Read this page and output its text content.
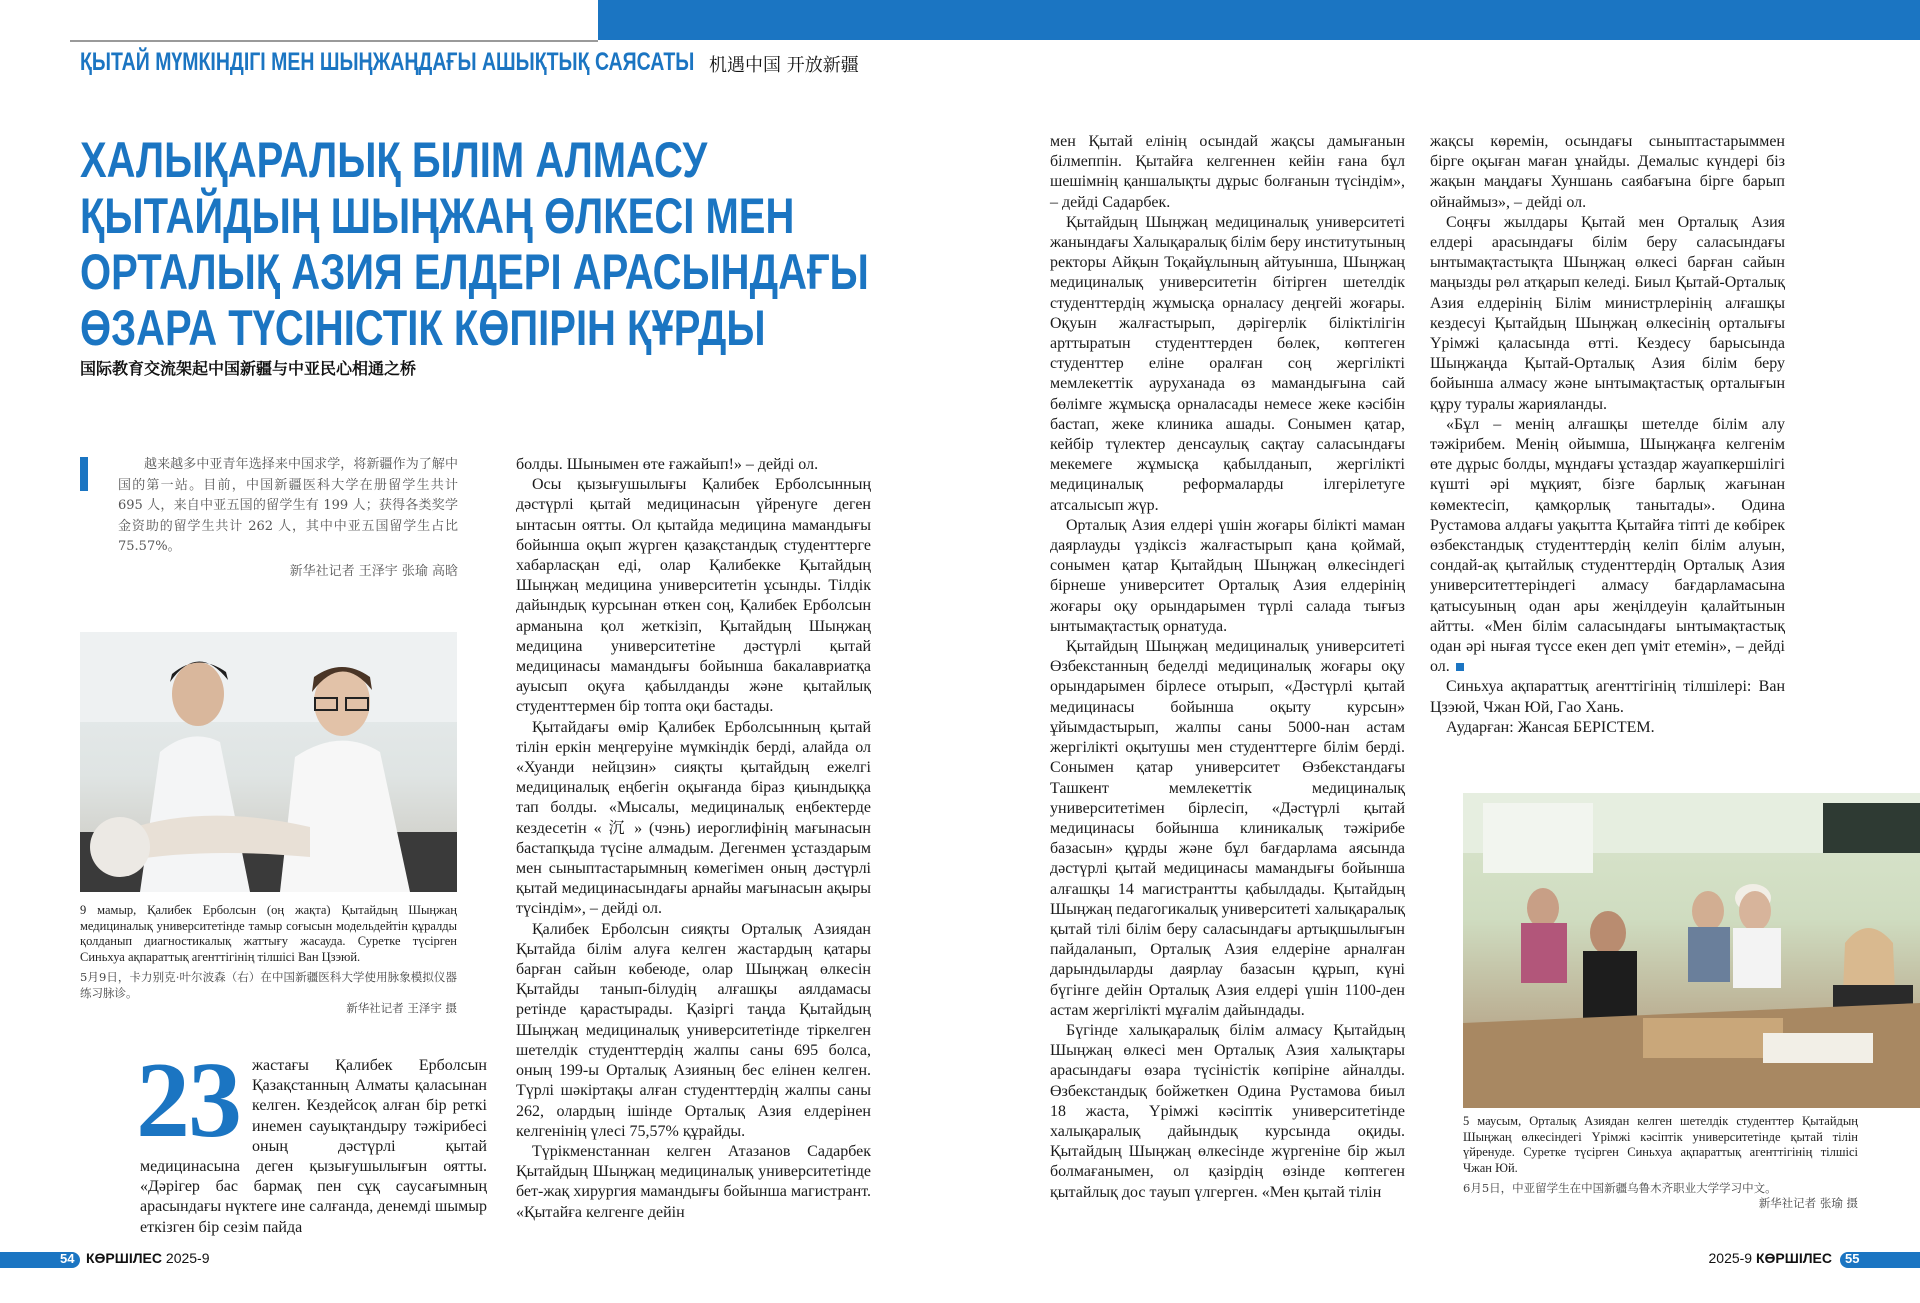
ҚЫТАЙ МҮМКІНДІГІ МЕН ШЫҢЖАҢДАҒЫ АШЫҚТЫҚ САЯСАТЫ 机遇中国 开放新疆
ХАЛЫҚАРАЛЫҚ БІЛІМ АЛМАСУ
ҚЫТАЙДЫҢ ШЫҢЖАҢ ӨЛКЕСІ МЕН
ОРТАЛЫҚ АЗИЯ ЕЛДЕРІ АРАСЫНДАҒЫ
ӨЗАРА ТҮСІНІСТІК КӨПІРІН ҚҰРДЫ
国际教育交流架起中国新疆与中亚民心相通之桥
越来越多中亚青年选择来中国求学，将新疆作为了解中国的第一站。目前，中国新疆医科大学在册留学生共计 695 人，来自中亚五国的留学生有 199 人；获得各类奖学金资助的留学生共计 262 人，其中中亚五国留学生占比 75.57%。
新华社记者 王泽宇 张瑜 高晗
9 мамыр, Қалибек Ерболсын (оң жақта) Қытайдың Шыңжаң медициналық университетінде тамыр соғысын модельдейтін құралды қолданып диагностикалық жаттығу жасауда. Суретке түсірген Синьхуа ақпараттық агенттігінің тілшісі Ван Цзэюй.
5月9日，卡力别克·叶尔波森（右）在中国新疆医科大学使用脉象模拟仪器练习脉诊。
新华社记者 王泽宇 摄
23 жастағы Қалибек Ерболсын Қазақстанның Алматы қаласынан келген. Кездейсоқ алған бір реткі инемен сауықтандыру тәжірибесі оның дәстүрлі қытай медицинасына деген қызығушылығын оятты. «Дәрігер бас бармақ пен сұқ саусағымның арасындағы нүктеге ине салғанда, денемді шымыр еткізген бір сезім пайда

болды. Шынымен өте ғажайып!» – дейді ол.

Осы қызығушылығы Қалибек Ерболсынның дәстүрлі қытай медицинасын үйренуге деген ынтасын оятты. Ол қытайда медицина мамандығы бойынша оқып жүрген қазақстандық студенттерге хабарласқан еді, олар Қалибекке Қытайдың Шыңжаң медицина университетін ұсынды. Тілдік дайындық курсынан өткен соң, Қалибек Ерболсын арманына қол жеткізіп, Қытайдың Шыңжаң медицина университетіне дәстүрлі қытай медицинасы мамандығы бойынша бакалавриатқа ауысып оқуға қабылданды және қытайлық студенттермен бір топта оқи бастады.

Қытайдағы өмір Қалибек Ерболсынның қытай тілін еркін меңгеруіне мүмкіндік берді, алайда ол «Хуанди нейцзин» сияқты қытайдың ежелгі медициналық еңбегін оқығанда біраз қиындыққа тап болды. «Мысалы, медициналық еңбектерде кездесетін « 沉 » (чэнь) иероглифінің мағынасын бастапқыда түсіне алмадым. Дегенмен ұстаздарым мен сыныптастарымның көмегімен оның дәстүрлі қытай медицинасындағы арнайы мағынасын ақыры түсіндім», – дейді ол.

Қалибек Ерболсын сияқты Орталық Азиядан Қытайда білім алуға келген жастардың қатары барған сайын көбеюде, олар Шыңжаң өлкесін Қытайды танып-білудің алғашқы аялдамасы ретінде қарастырады. Қазіргі таңда Қытайдың Шыңжаң медициналық университетінде тіркелген шетелдік студенттердің жалпы саны 695 болса, оның 199-ы Орталық Азияның бес елінен келген. Түрлі шәкіртақы алған студенттердің жалпы саны 262, олардың ішінде Орталық Азия елдерінен келгенінің үлесі 75,57% құрайды.

Түрікменстаннан келген Атазанов Садарбек Қытайдың Шыңжаң медициналық университетінде бет-жақ хирургия мамандығы бойынша магистрант. «Қытайға келгенге дейін

мен Қытай елінің осындай жақсы дамығанын білмеппін. Қытайға келгеннен кейін ғана бұл шешімнің қаншалықты дұрыс болғанын түсіндім», – дейді Садарбек.

Қытайдың Шыңжаң медициналық университеті жанындағы Халықаралық білім беру институтының ректоры Айқын Тоқайұлының айтуынша, Шыңжаң медициналық университетін бітірген шетелдік студенттердің жұмысқа орналасу деңгейі жоғары. Оқуын жалғастырып, дәрігерлік біліктілігін арттыратын студенттерден бөлек, көптеген студенттер еліне оралған соң жергілікті мемлекеттік ауруханада өз мамандығына сай бөлімге жұмысқа орналасады немесе жеке кәсібін бастап, жеке клиника ашады. Сонымен қатар, кейбір түлектер денсаулық сақтау саласындағы мекемеге жұмысқа қабылданып, жергілікті медициналық реформаларды ілгерілетуге атсалысып жүр.

Орталық Азия елдері үшін жоғары білікті маман даярлауды үздіксіз жалғастырып қана қоймай, сонымен қатар Қытайдың Шыңжаң өлкесіндегі бірнеше университет Орталық Азия елдерінің жоғары оқу орындарымен түрлі салада тығыз ынтымақтастық орнатуда.

Қытайдың Шыңжаң медициналық университеті Өзбекстанның беделді медициналық жоғары оқу орындарымен бірлесе отырып, «Дәстүрлі қытай медицинасы бойынша оқыту курсын» ұйымдастырып, жалпы саны 5000-нан астам жергілікті оқытушы мен студенттерге білім берді. Сонымен қатар университет Өзбекстандағы Ташкент мемлекеттік медициналық университетімен бірлесіп, «Дәстүрлі қытай медицинасы бойынша клиникалық тәжірибе базасын» құрды және бұл бағдарлама аясында дәстүрлі қытай медицинасы мамандығы бойынша алғашқы 14 магистрантты қабылдады. Қытайдың Шыңжаң педагогикалық университеті халықаралық қытай тілі білім беру саласындағы артықшылығын пайдаланып, Орталық Азия елдеріне арналған дарындыларды даярлау базасын құрып, күні бүгінге дейін Орталық Азия елдері үшін 1100-ден астам жергілікті мұғалім дайындады.

Бүгінде халықаралық білім алмасу Қытайдың Шыңжаң өлкесі мен Орталық Азия халықтары арасындағы өзара түсіністік көпіріне айналды. Өзбекстандық бойжеткен Одина Рустамова биыл 18 жаста, Үрімжі кәсіптік университетінде халықаралық дайындық курсында оқиды. Қытайдың Шыңжаң өлкесінде жүргеніне бір жыл болмағанымен, ол қазірдің өзінде көптеген қытайлық дос тауып үлгерген. «Мен қытай тілін

жақсы көремін, осындағы сыныптастарыммен бірге оқыған маған ұнайды. Демалыс күндері біз жақын маңдағы Хуншань саябағына бірге барып ойнаймыз», – дейді ол.

Соңғы жылдары Қытай мен Орталық Азия елдері арасындағы білім беру саласындағы ынтымақтастықта Шыңжаң өлкесі барған сайын маңызды рөл атқарып келеді. Биыл Қытай-Орталық Азия елдерінің Білім министрлерінің алғашқы кездесуі Қытайдың Шыңжаң өлкесінің орталығы Үрімжі қаласында өтті. Кездесу барысында Шыңжаңда Қытай-Орталық Азия білім беру бойынша алмасу және ынтымақтастық орталығын құру туралы жарияланды.

«Бұл – менің алғашқы шетелде білім алу тәжірибем. Менің ойымша, Шыңжаңға келгенім өте дұрыс болды, мұндағы ұстаздар жауапкершілігі күшті әрі мұқият, бізге барлық жағынан көмектесіп, қамқорлық танытады». Одина Рустамова алдағы уақытта Қытайға тіпті де көбірек өзбекстандық студенттердің келіп білім алуын, сондай-ақ қытайлық студенттердің Орталық Азия университеттеріндегі алмасу бағдарламасына қатысуының одан ары жеңілдеуін қалайтынын айтты. «Мен білім саласындағы ынтымақтастық одан әрі нығая түссе екен деп үміт етемін», – дейді ол.

Синьхуа ақпараттық агенттігінің тілшілері: Ван Цзэюй, Чжан Юй, Гао Хань.

Аударған: Жансая БЕРІСТЕМ.

5 маусым, Орталық Азиядан келген шетелдік студенттер Қытайдың Шыңжаң өлкесіндегі Үрімжі кәсіптік университетінде қытай тілін үйренуде. Суретке түсірген Синьхуа ақпараттық агенттігінің тілшісі Чжан Юй.
6月5日，中亚留学生在中国新疆乌鲁木齐职业大学学习中文。
新华社记者 张瑜 摄
54 КӨРШІЛЕС 2025-9	2025-9 КӨРШІЛЕС 55
